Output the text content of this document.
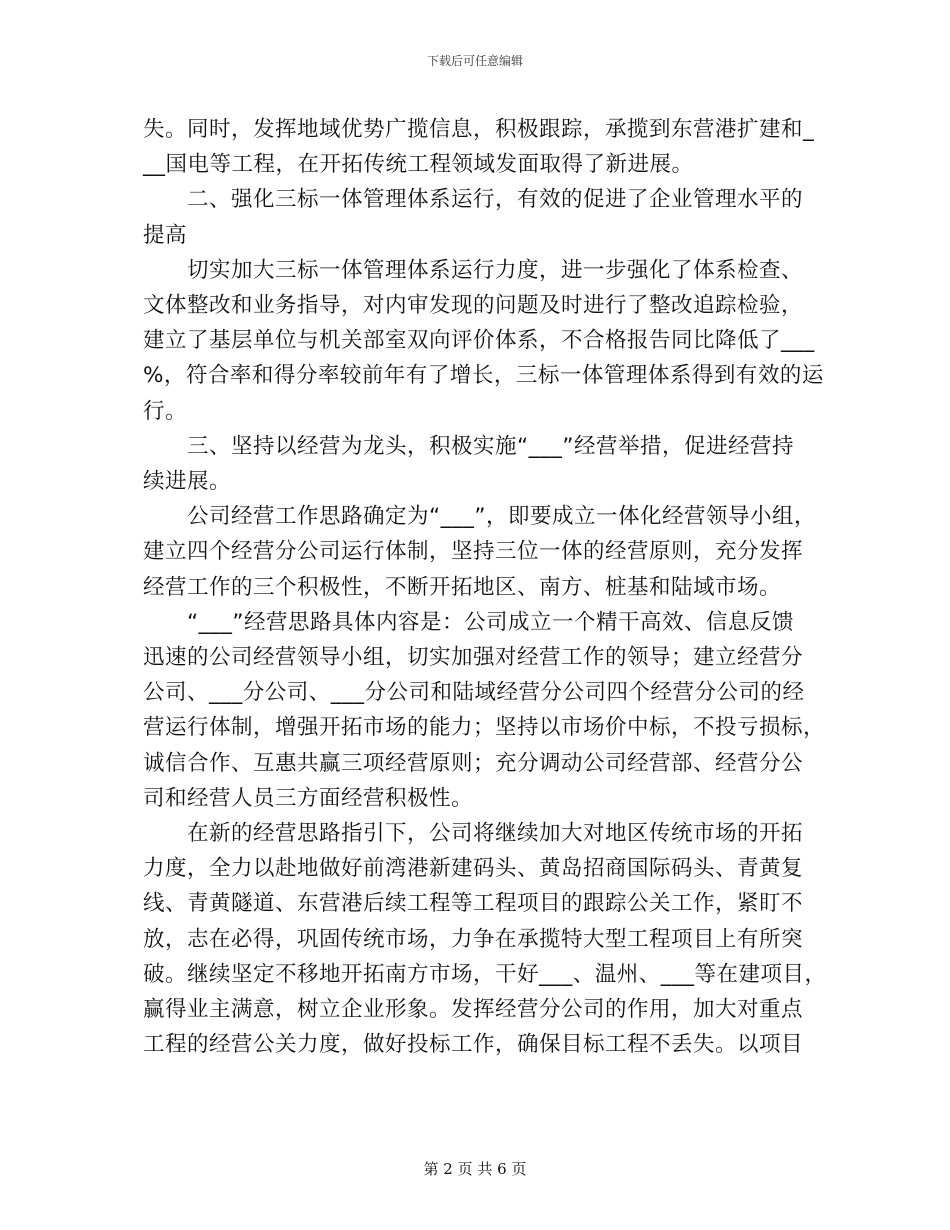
下载后可任意编辑
失。同时，发挥地域优势广揽信息，积极跟踪，承揽到东营港扩建和_
__国电等工程，在开拓传统工程领域发面取得了新进展。
　　二、强化三标一体管理体系运行，有效的促进了企业管理水平的
提高
　　切实加大三标一体管理体系运行力度，进一步强化了体系检查、
文体整改和业务指导，对内审发现的问题及时进行了整改追踪检验，
建立了基层单位与机关部室双向评价体系，不合格报告同比降低了___
%，符合率和得分率较前年有了增长，三标一体管理体系得到有效的运
行。
　　三、坚持以经营为龙头，积极实施“___”经营举措，促进经营持
续进展。
　　公司经营工作思路确定为“___”，即要成立一体化经营领导小组，
建立四个经营分公司运行体制，坚持三位一体的经营原则，充分发挥
经营工作的三个积极性，不断开拓地区、南方、桩基和陆域市场。
　　“___”经营思路具体内容是：公司成立一个精干高效、信息反馈
迅速的公司经营领导小组，切实加强对经营工作的领导；建立经营分
公司、___分公司、___分公司和陆域经营分公司四个经营分公司的经
营运行体制，增强开拓市场的能力；坚持以市场价中标，不投亏损标，
诚信合作、互惠共赢三项经营原则；充分调动公司经营部、经营分公
司和经营人员三方面经营积极性。
　　在新的经营思路指引下，公司将继续加大对地区传统市场的开拓
力度，全力以赴地做好前湾港新建码头、黄岛招商国际码头、青黄复
线、青黄隧道、东营港后续工程等工程项目的跟踪公关工作，紧盯不
放，志在必得，巩固传统市场，力争在承揽特大型工程项目上有所突
破。继续坚定不移地开拓南方市场，干好___、温州、___等在建项目，
赢得业主满意，树立企业形象。发挥经营分公司的作用，加大对重点
工程的经营公关力度，做好投标工作，确保目标工程不丢失。以项目
第 2 页 共 6 页
